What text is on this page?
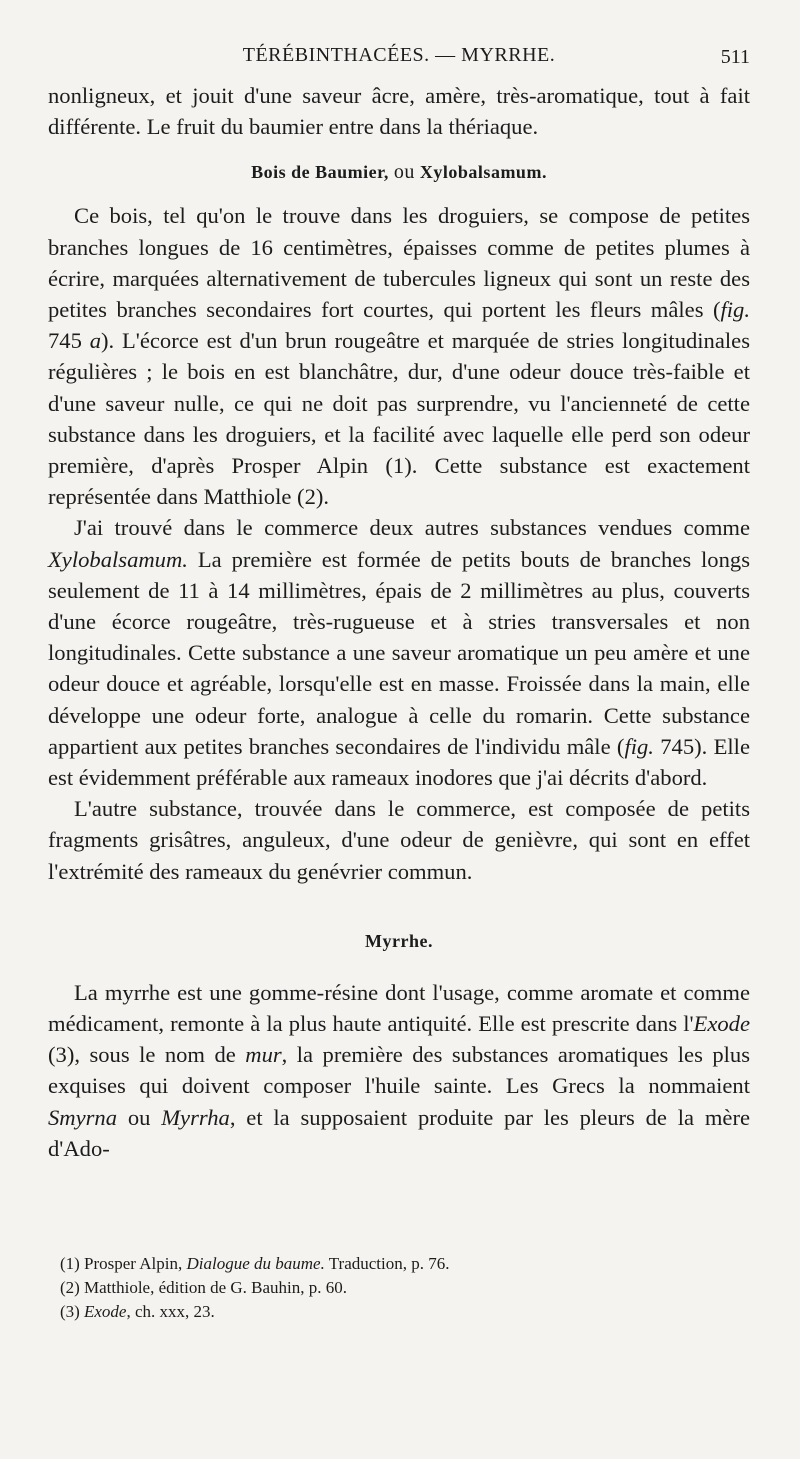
TÉRÉBINTHACÉES. — MYRRHE.	511

nonligneux, et jouit d'une saveur âcre, amère, très-aromatique, tout à fait différente. Le fruit du baumier entre dans la thériaque.

Bois de Baumier, ou Xylobalsamum.

Ce bois, tel qu'on le trouve dans les droguiers, se compose de petites branches longues de 16 centimètres, épaisses comme de petites plumes à écrire, marquées alternativement de tubercules ligneux qui sont un reste des petites branches secondaires fort courtes, qui portent les fleurs mâles (fig. 745 a). L'écorce est d'un brun rougeâtre et marquée de stries longitudinales régulières ; le bois en est blanchâtre, dur, d'une odeur douce très-faible et d'une saveur nulle, ce qui ne doit pas surprendre, vu l'ancienneté de cette substance dans les droguiers, et la facilité avec laquelle elle perd son odeur première, d'après Prosper Alpin (1). Cette substance est exactement représentée dans Matthiole (2).

J'ai trouvé dans le commerce deux autres substances vendues comme Xylobalsamum. La première est formée de petits bouts de branches longs seulement de 11 à 14 millimètres, épais de 2 millimètres au plus, couverts d'une écorce rougeâtre, très-rugueuse et à stries transversales et non longitudinales. Cette substance a une saveur aromatique un peu amère et une odeur douce et agréable, lorsqu'elle est en masse. Froissée dans la main, elle développe une odeur forte, analogue à celle du romarin. Cette substance appartient aux petites branches secondaires de l'individu mâle (fig. 745). Elle est évidemment préférable aux rameaux inodores que j'ai décrits d'abord.

L'autre substance, trouvée dans le commerce, est composée de petits fragments grisâtres, anguleux, d'une odeur de genièvre, qui sont en effet l'extrémité des rameaux du genévrier commun.

Myrrhe.

La myrrhe est une gomme-résine dont l'usage, comme aromate et comme médicament, remonte à la plus haute antiquité. Elle est prescrite dans l'Exode (3), sous le nom de mur, la première des substances aromatiques les plus exquises qui doivent composer l'huile sainte. Les Grecs la nommaient Smyrna ou Myrrha, et la supposaient produite par les pleurs de la mère d'Ado-

(1) Prosper Alpin, Dialogue du baume. Traduction, p. 76.

(2) Matthiole, édition de G. Bauhin, p. 60.

(3) Exode, ch. xxx, 23.
